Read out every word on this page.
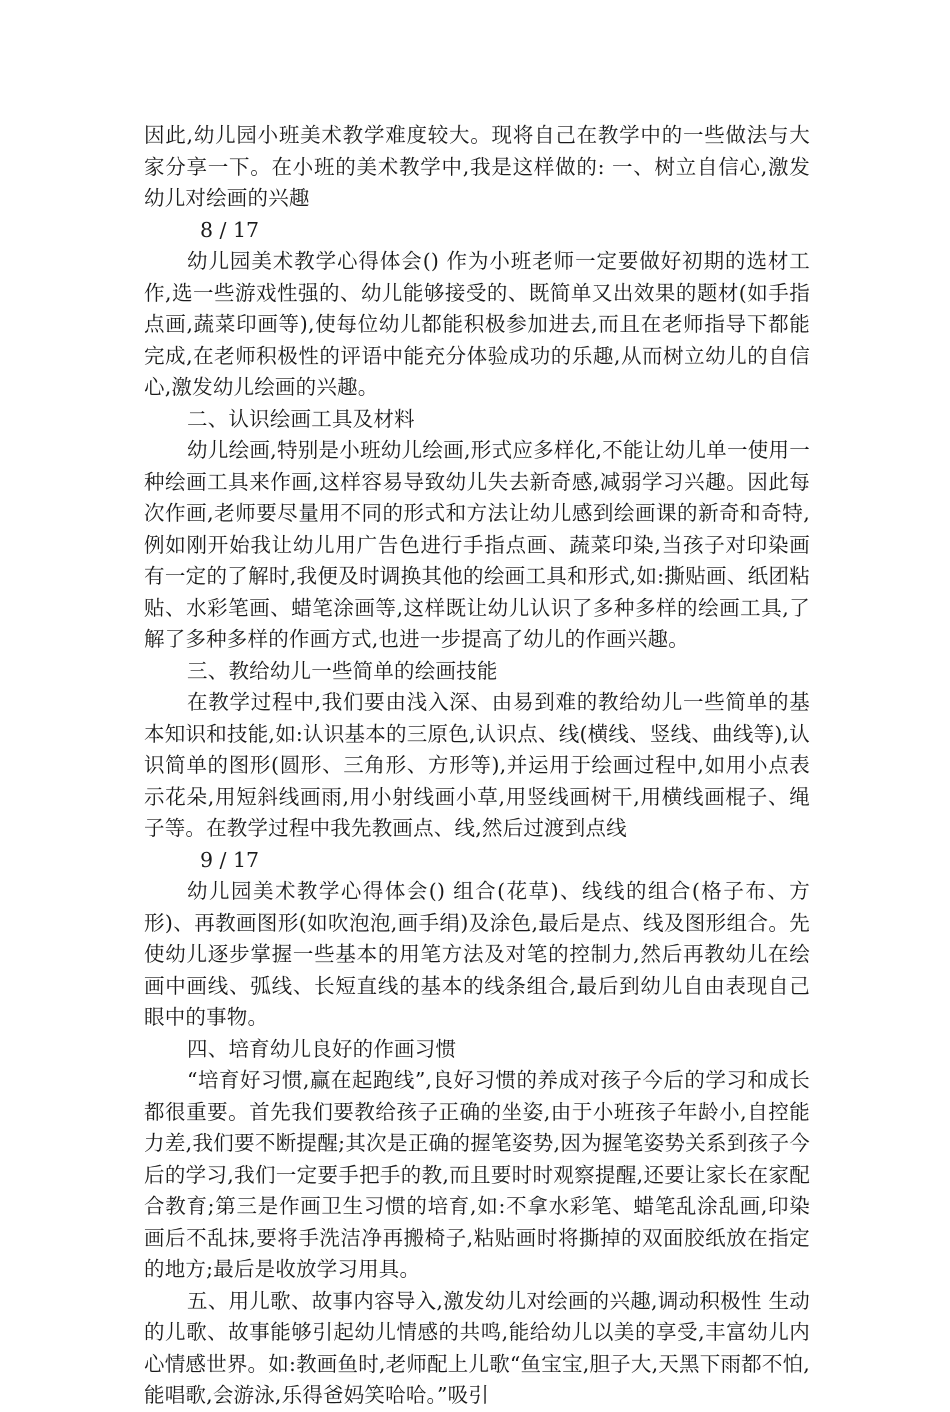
因此,幼儿园小班美术教学难度较大。现将自己在教学中的一些做法与大家分享一下。在小班的美术教学中,我是这样做的: 一、树立自信心,激发幼儿对绘画的兴趣

8 / 17

幼儿园美术教学心得体会() 作为小班老师一定要做好初期的选材工作,选一些游戏性强的、幼儿能够接受的、既简单又出效果的题材(如手指点画,蔬菜印画等),使每位幼儿都能积极参加进去,而且在老师指导下都能完成,在老师积极性的评语中能充分体验成功的乐趣,从而树立幼儿的自信心,激发幼儿绘画的兴趣。

二、认识绘画工具及材料

幼儿绘画,特别是小班幼儿绘画,形式应多样化,不能让幼儿单一使用一种绘画工具来作画,这样容易导致幼儿失去新奇感,减弱学习兴趣。因此每次作画,老师要尽量用不同的形式和方法让幼儿感到绘画课的新奇和奇特,例如刚开始我让幼儿用广告色进行手指点画、蔬菜印染,当孩子对印染画有一定的了解时,我便及时调换其他的绘画工具和形式,如:撕贴画、纸团粘贴、水彩笔画、蜡笔涂画等,这样既让幼儿认识了多种多样的绘画工具,了解了多种多样的作画方式,也进一步提高了幼儿的作画兴趣。

三、教给幼儿一些简单的绘画技能

在教学过程中,我们要由浅入深、由易到难的教给幼儿一些简单的基本知识和技能,如:认识基本的三原色,认识点、线(横线、竖线、曲线等),认识简单的图形(圆形、三角形、方形等),并运用于绘画过程中,如用小点表示花朵,用短斜线画雨,用小射线画小草,用竖线画树干,用横线画棍子、绳子等。在教学过程中我先教画点、线,然后过渡到点线

9 / 17

幼儿园美术教学心得体会() 组合(花草)、线线的组合(格子布、方形)、再教画图形(如吹泡泡,画手绢)及涂色,最后是点、线及图形组合。先使幼儿逐步掌握一些基本的用笔方法及对笔的控制力,然后再教幼儿在绘画中画线、弧线、长短直线的基本的线条组合,最后到幼儿自由表现自己眼中的事物。

四、培育幼儿良好的作画习惯

“培育好习惯,赢在起跑线”,良好习惯的养成对孩子今后的学习和成长都很重要。首先我们要教给孩子正确的坐姿,由于小班孩子年龄小,自控能力差,我们要不断提醒;其次是正确的握笔姿势,因为握笔姿势关系到孩子今后的学习,我们一定要手把手的教,而且要时时观察提醒,还要让家长在家配合教育;第三是作画卫生习惯的培育,如:不拿水彩笔、蜡笔乱涂乱画,印染画后不乱抹,要将手洗洁净再搬椅子,粘贴画时将撕掉的双面胶纸放在指定的地方;最后是收放学习用具。

五、用儿歌、故事内容导入,激发幼儿对绘画的兴趣,调动积极性 生动的儿歌、故事能够引起幼儿情感的共鸣,能给幼儿以美的享受,丰富幼儿内心情感世界。如:教画鱼时,老师配上儿歌“鱼宝宝,胆子大,天黑下雨都不怕,能唱歌,会游泳,乐得爸妈笑哈哈。”吸引
